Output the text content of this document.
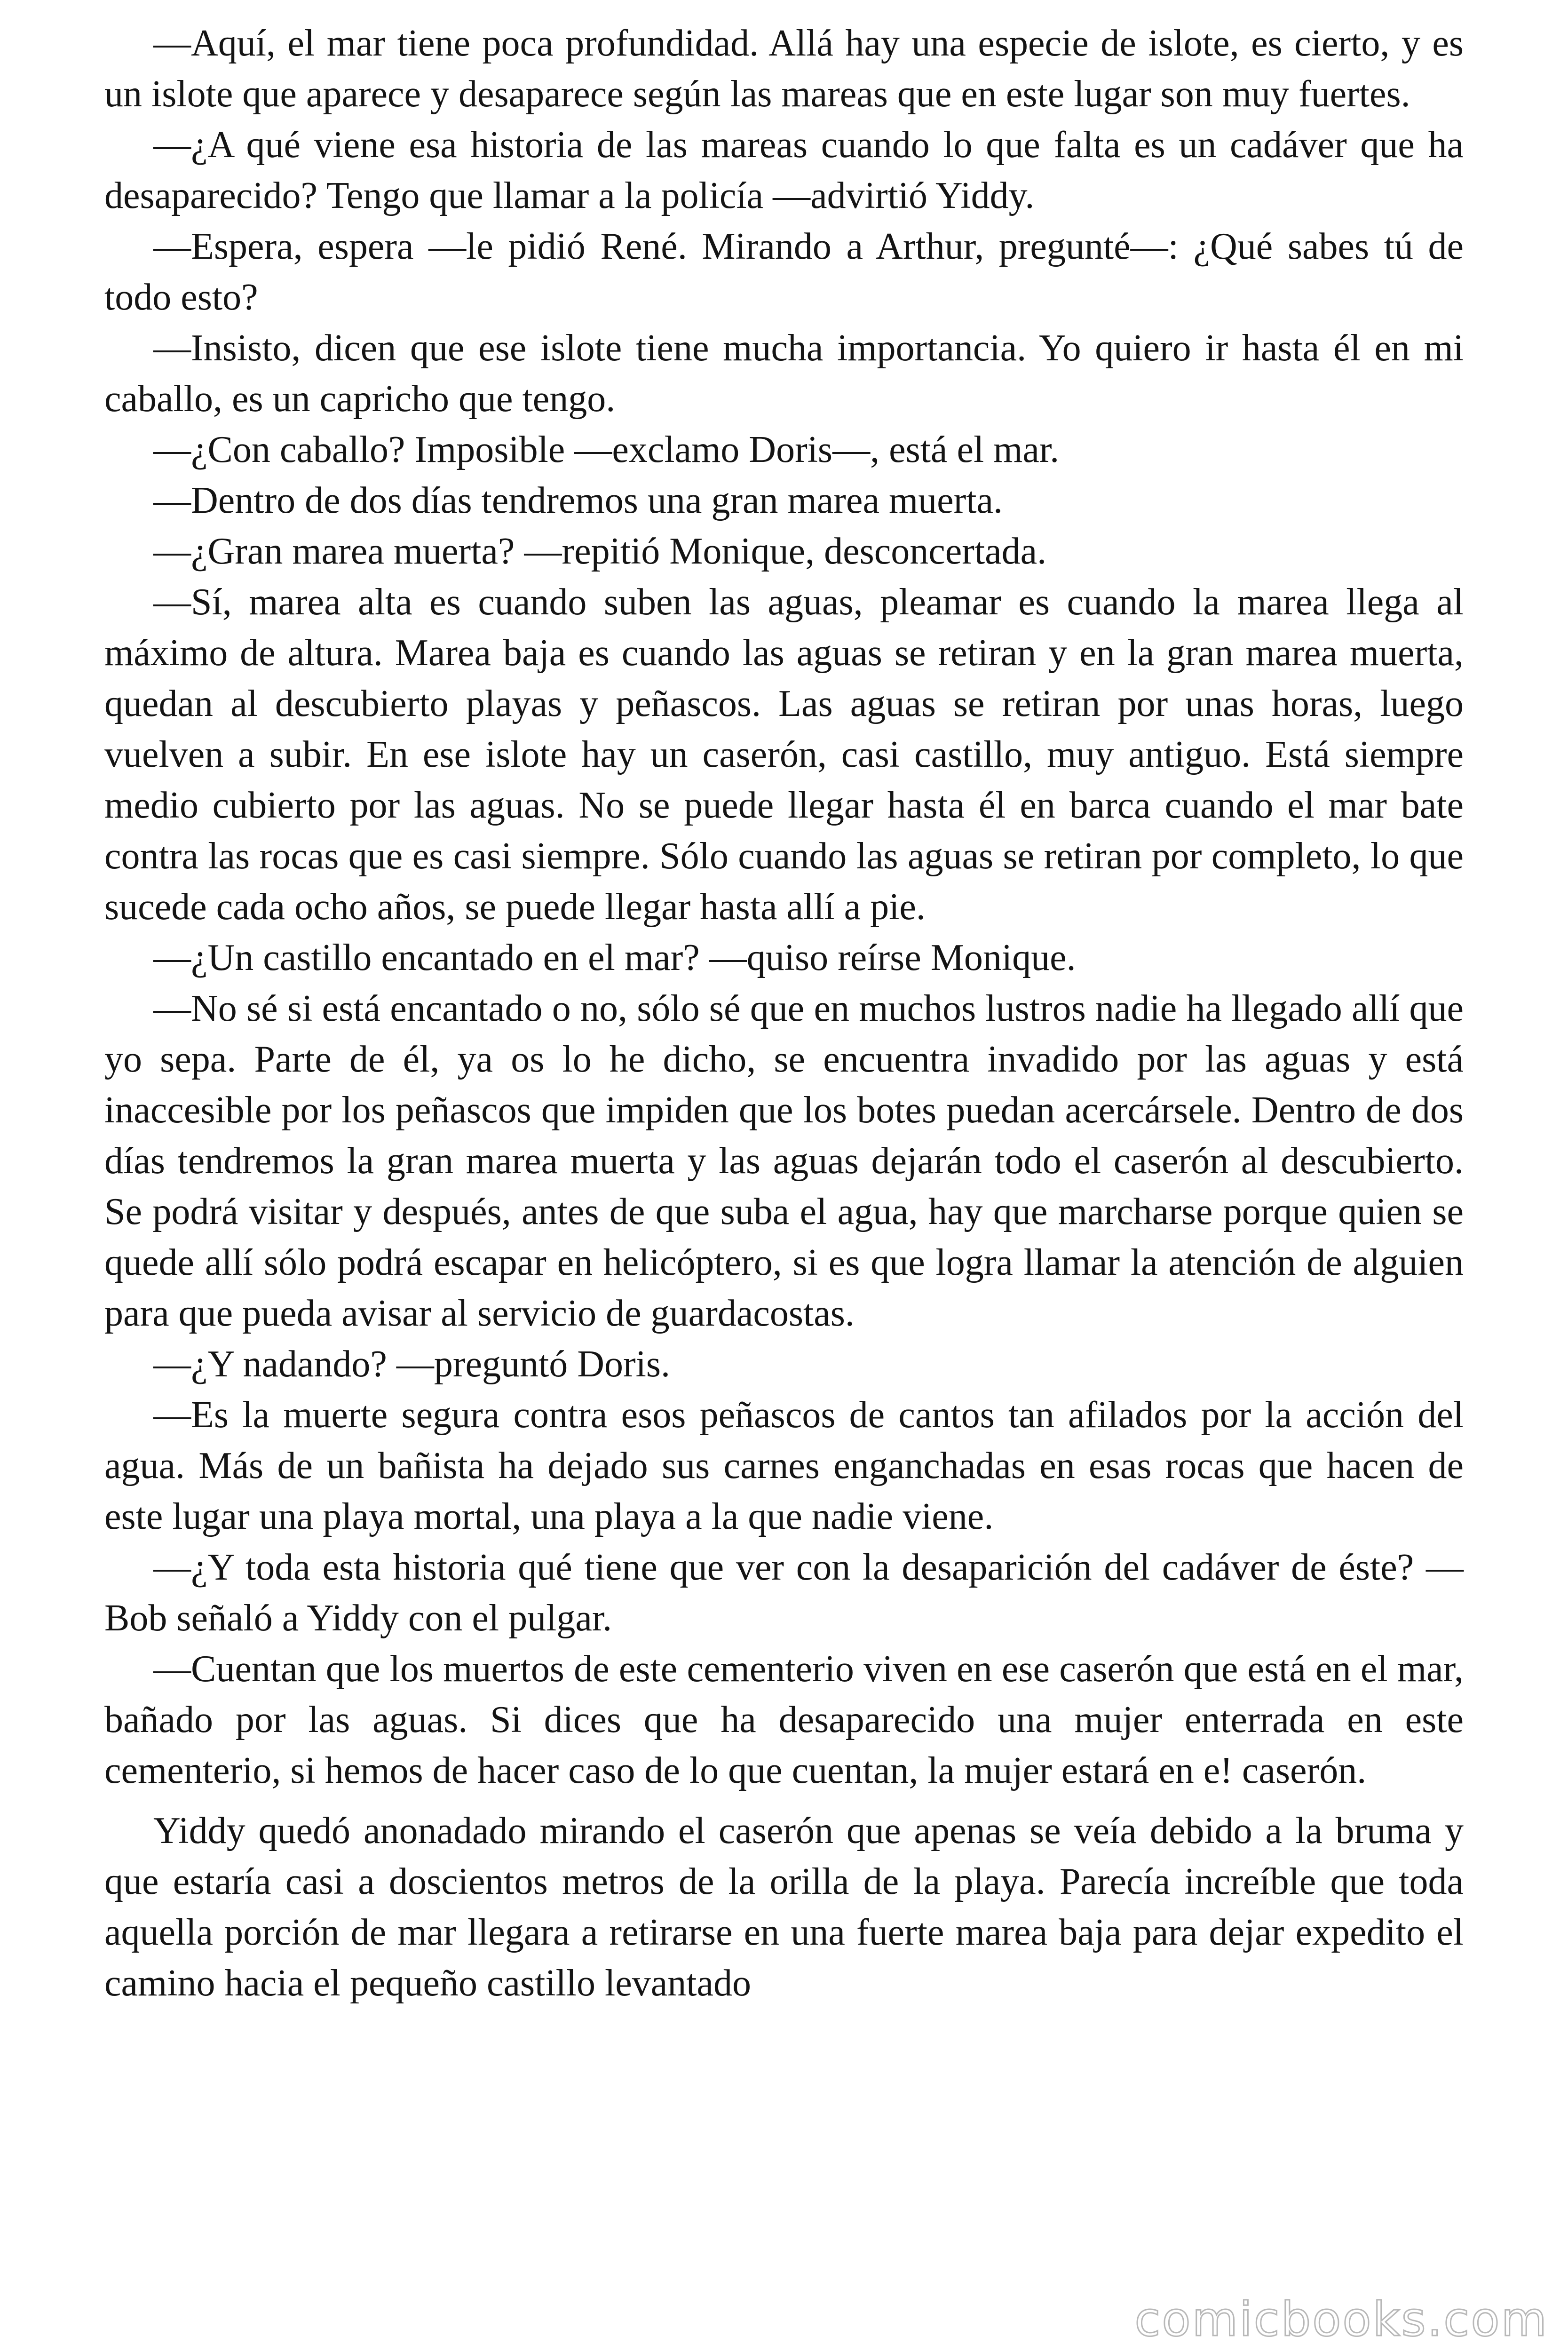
—Aquí, el mar tiene poca profundidad. Allá hay una especie de islote, es cierto, y es un islote que aparece y desaparece según las mareas que en este lugar son muy fuertes.

—¿A qué viene esa historia de las mareas cuando lo que falta es un cadáver que ha desaparecido? Tengo que llamar a la policía —advirtió Yiddy.

—Espera, espera —le pidió René. Mirando a Arthur, pregunté—: ¿Qué sabes tú de todo esto?

—Insisto, dicen que ese islote tiene mucha importancia. Yo quiero ir hasta él en mi caballo, es un capricho que tengo.

—¿Con caballo? Imposible —exclamo Doris—, está el mar.

—Dentro de dos días tendremos una gran marea muerta.

—¿Gran marea muerta? —repitió Monique, desconcertada.

—Sí, marea alta es cuando suben las aguas, pleamar es cuando la marea llega al máximo de altura. Marea baja es cuando las aguas se retiran y en la gran marea muerta, quedan al descubierto playas y peñascos. Las aguas se retiran por unas horas, luego vuelven a subir. En ese islote hay un caserón, casi castillo, muy antiguo. Está siempre medio cubierto por las aguas. No se puede llegar hasta él en barca cuando el mar bate contra las rocas que es casi siempre. Sólo cuando las aguas se retiran por completo, lo que sucede cada ocho años, se puede llegar hasta allí a pie.

—¿Un castillo encantado en el mar? —quiso reírse Monique.

—No sé si está encantado o no, sólo sé que en muchos lustros nadie ha llegado allí que yo sepa. Parte de él, ya os lo he dicho, se encuentra invadido por las aguas y está inaccesible por los peñascos que impiden que los botes puedan acercársele. Dentro de dos días tendremos la gran marea muerta y las aguas dejarán todo el caserón al descubierto. Se podrá visitar y después, antes de que suba el agua, hay que marcharse porque quien se quede allí sólo podrá escapar en helicóptero, si es que logra llamar la atención de alguien para que pueda avisar al servicio de guardacostas.

—¿Y nadando? —preguntó Doris.

—Es la muerte segura contra esos peñascos de cantos tan afilados por la acción del agua. Más de un bañista ha dejado sus carnes enganchadas en esas rocas que hacen de este lugar una playa mortal, una playa a la que nadie viene.

—¿Y toda esta historia qué tiene que ver con la desaparición del cadáver de éste? —Bob señaló a Yiddy con el pulgar.

—Cuentan que los muertos de este cementerio viven en ese caserón que está en el mar, bañado por las aguas. Si dices que ha desaparecido una mujer enterrada en este cementerio, si hemos de hacer caso de lo que cuentan, la mujer estará en e! caserón.

Yiddy quedó anonadado mirando el caserón que apenas se veía debido a la bruma y que estaría casi a doscientos metros de la orilla de la playa. Parecía increíble que toda aquella porción de mar llegara a retirarse en una fuerte marea baja para dejar expedito el camino hacia el pequeño castillo levantado

comicbooks.com
